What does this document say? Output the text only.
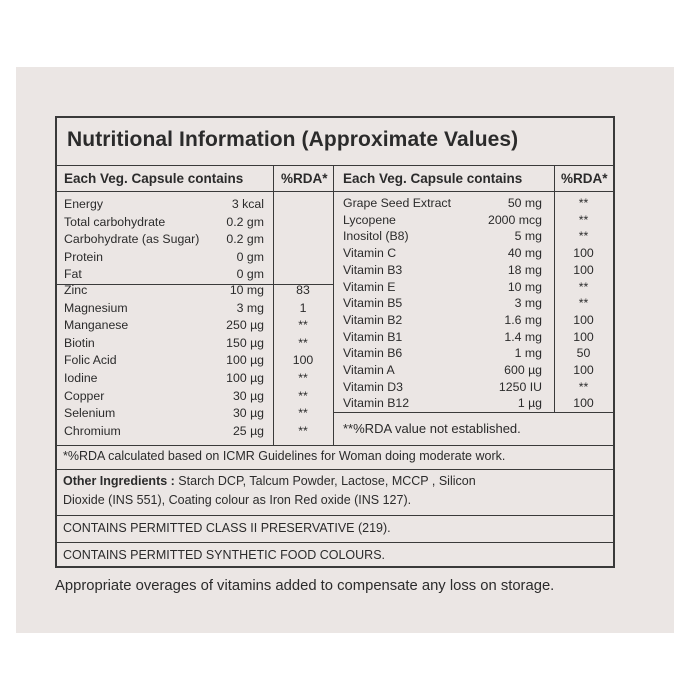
Nutritional Information (Approximate Values)
Each Veg. Capsule contains	%RDA* Each Veg. Capsule contains	%RDA*
Energy	3 kcal
Total carbohydrate	0.2 gm
Carbohydrate (as Sugar) 0.2 gm
Protein	0 gm
Fat	0 gm
Zinc	10 mg	83
Magnesium	3 mg	1
Manganese	250 µg	**
Biotin	150 µg	**
Folic Acid	100 µg	100
Iodine	100 µg	**
Copper	30 µg	**
Selenium	30 µg	**
Chromium	25 µg	**
Grape Seed Extract	50 mg	**
Lycopene	2000 mcg	**
Inositol (B8)	5 mg	**
Vitamin C	40 mg	100
Vitamin B3	18 mg	100
Vitamin E	10 mg	**
Vitamin B5	3 mg	**
Vitamin B2	1.6 mg	100
Vitamin B1	1.4 mg	100
Vitamin B6	1 mg	50
Vitamin A	600 µg	100
Vitamin D3	1250 IU	**
Vitamin B12	1 µg	100
**%RDA value not established.
*%RDA calculated based on ICMR Guidelines for Woman doing moderate work.
Other Ingredients : Starch DCP, Talcum Powder, Lactose, MCCP , Silicon
Dioxide (INS 551), Coating colour as Iron Red oxide (INS 127).
CONTAINS PERMITTED CLASS II PRESERVATIVE (219).
CONTAINS PERMITTED SYNTHETIC FOOD COLOURS.
Appropriate overages of vitamins added to compensate any loss on storage.
